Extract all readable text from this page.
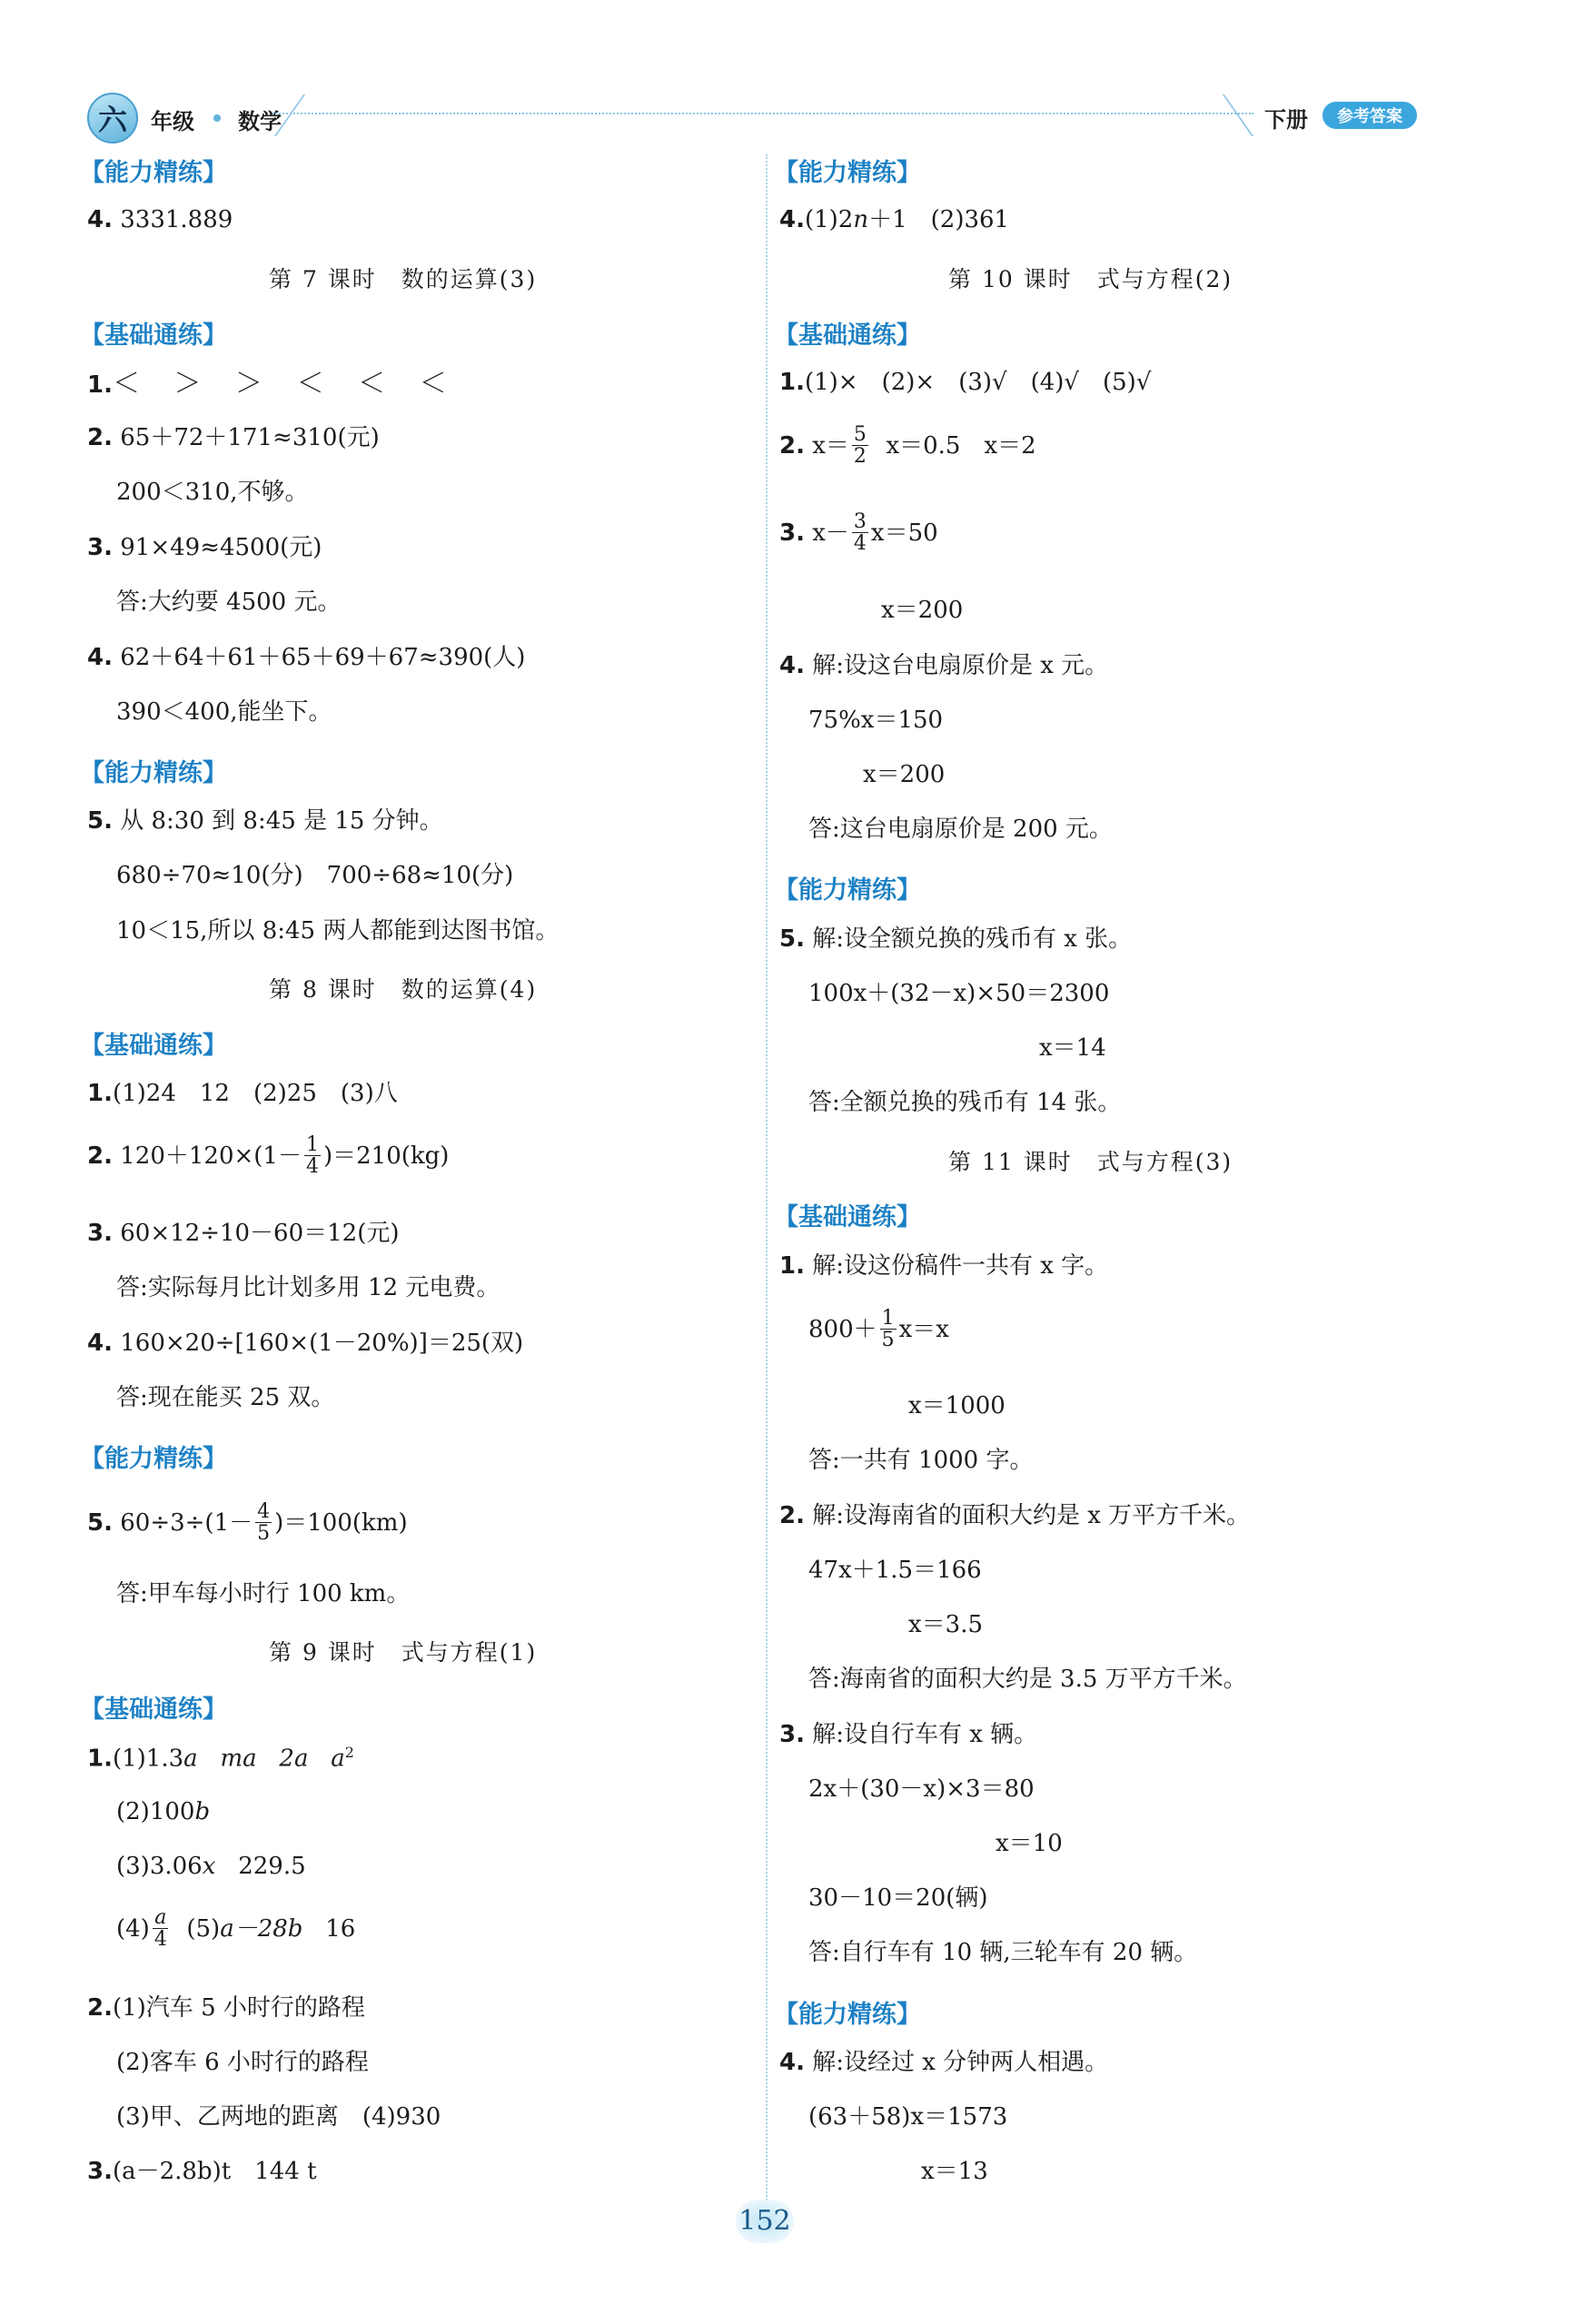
六	年级 数学	下册	参考答案
【能力精练】
4. 3331.889
第 7 课时　数的运算(3)
【基础通练】
1.＜ ＞ ＞ ＜ ＜ ＜
2. 65＋72＋171≈310(元)
200＜310,不够。
3. 91×49≈4500(元)
答:大约要 4500 元。
4. 62＋64＋61＋65＋69＋67≈390(人)
390＜400,能坐下。
【能力精练】
5. 从 8:30 到 8:45 是 15 分钟。
680÷70≈10(分)　700÷68≈10(分)
10＜15,所以 8:45 两人都能到达图书馆。
第 8 课时　数的运算(4)
【基础通练】
1.(1)24　12　(2)25　(3)八
2.
$120+120\times(1- \frac{1}{4} )=210(kg)$
3. 60×12÷10－60＝12(元)
答:实际每月比计划多用 12 元电费。
4. 160×20÷[160×(1－20%)]＝25(双)
答:现在能买 25 双。
【能力精练】
5.
$60\div 3\div(1- \frac{4}{5} )=100(km)$
答:甲车每小时行 100 km。
第 9 课时　式与方程(1)
【基础通练】
1.(1)1.3a ma 2a $a^2$
(2)100b
(3)3.06x 229.5
$(4) \frac{a}{4}$
(5) a－28b
16
2.(1)汽车 5 小时行的路程
(2)客车 6 小时行的路程
(3)甲、乙两地的距离　(4)930
3.(a－2.8b)t　144 t
【能力精练】
4.(1)2n＋1　(2)361
第 10 课时　式与方程(2)
【基础通练】
1.(1)×　(2)×　(3)√　(4)√　(5)√
2.
$x= \frac{5}{2}$
x＝0.5　x＝2
3.
$x- \frac{3}{4} x=50$
x＝200
4. 解:设这台电扇原价是 x 元。
75%x＝150
x＝200
答:这台电扇原价是 200 元。
【能力精练】
5. 解:设全额兑换的残币有 x 张。
100x＋(32－x)×50＝2300
x＝14
答:全额兑换的残币有 14 张。
第 11 课时　式与方程(3)
【基础通练】
1. 解:设这份稿件一共有 x 字。
$800+ \frac{1}{5} x=x$
x＝1000
答:一共有 1000 字。
2. 解:设海南省的面积大约是 x 万平方千米。
47x＋1.5＝166
x＝3.5
答:海南省的面积大约是 3.5 万平方千米。
3. 解:设自行车有 x 辆。
2x＋(30－x)×3＝80
x＝10
30－10＝20(辆)
答:自行车有 10 辆,三轮车有 20 辆。
【能力精练】
4. 解:设经过 x 分钟两人相遇。
(63＋58)x＝1573
x＝13
152
